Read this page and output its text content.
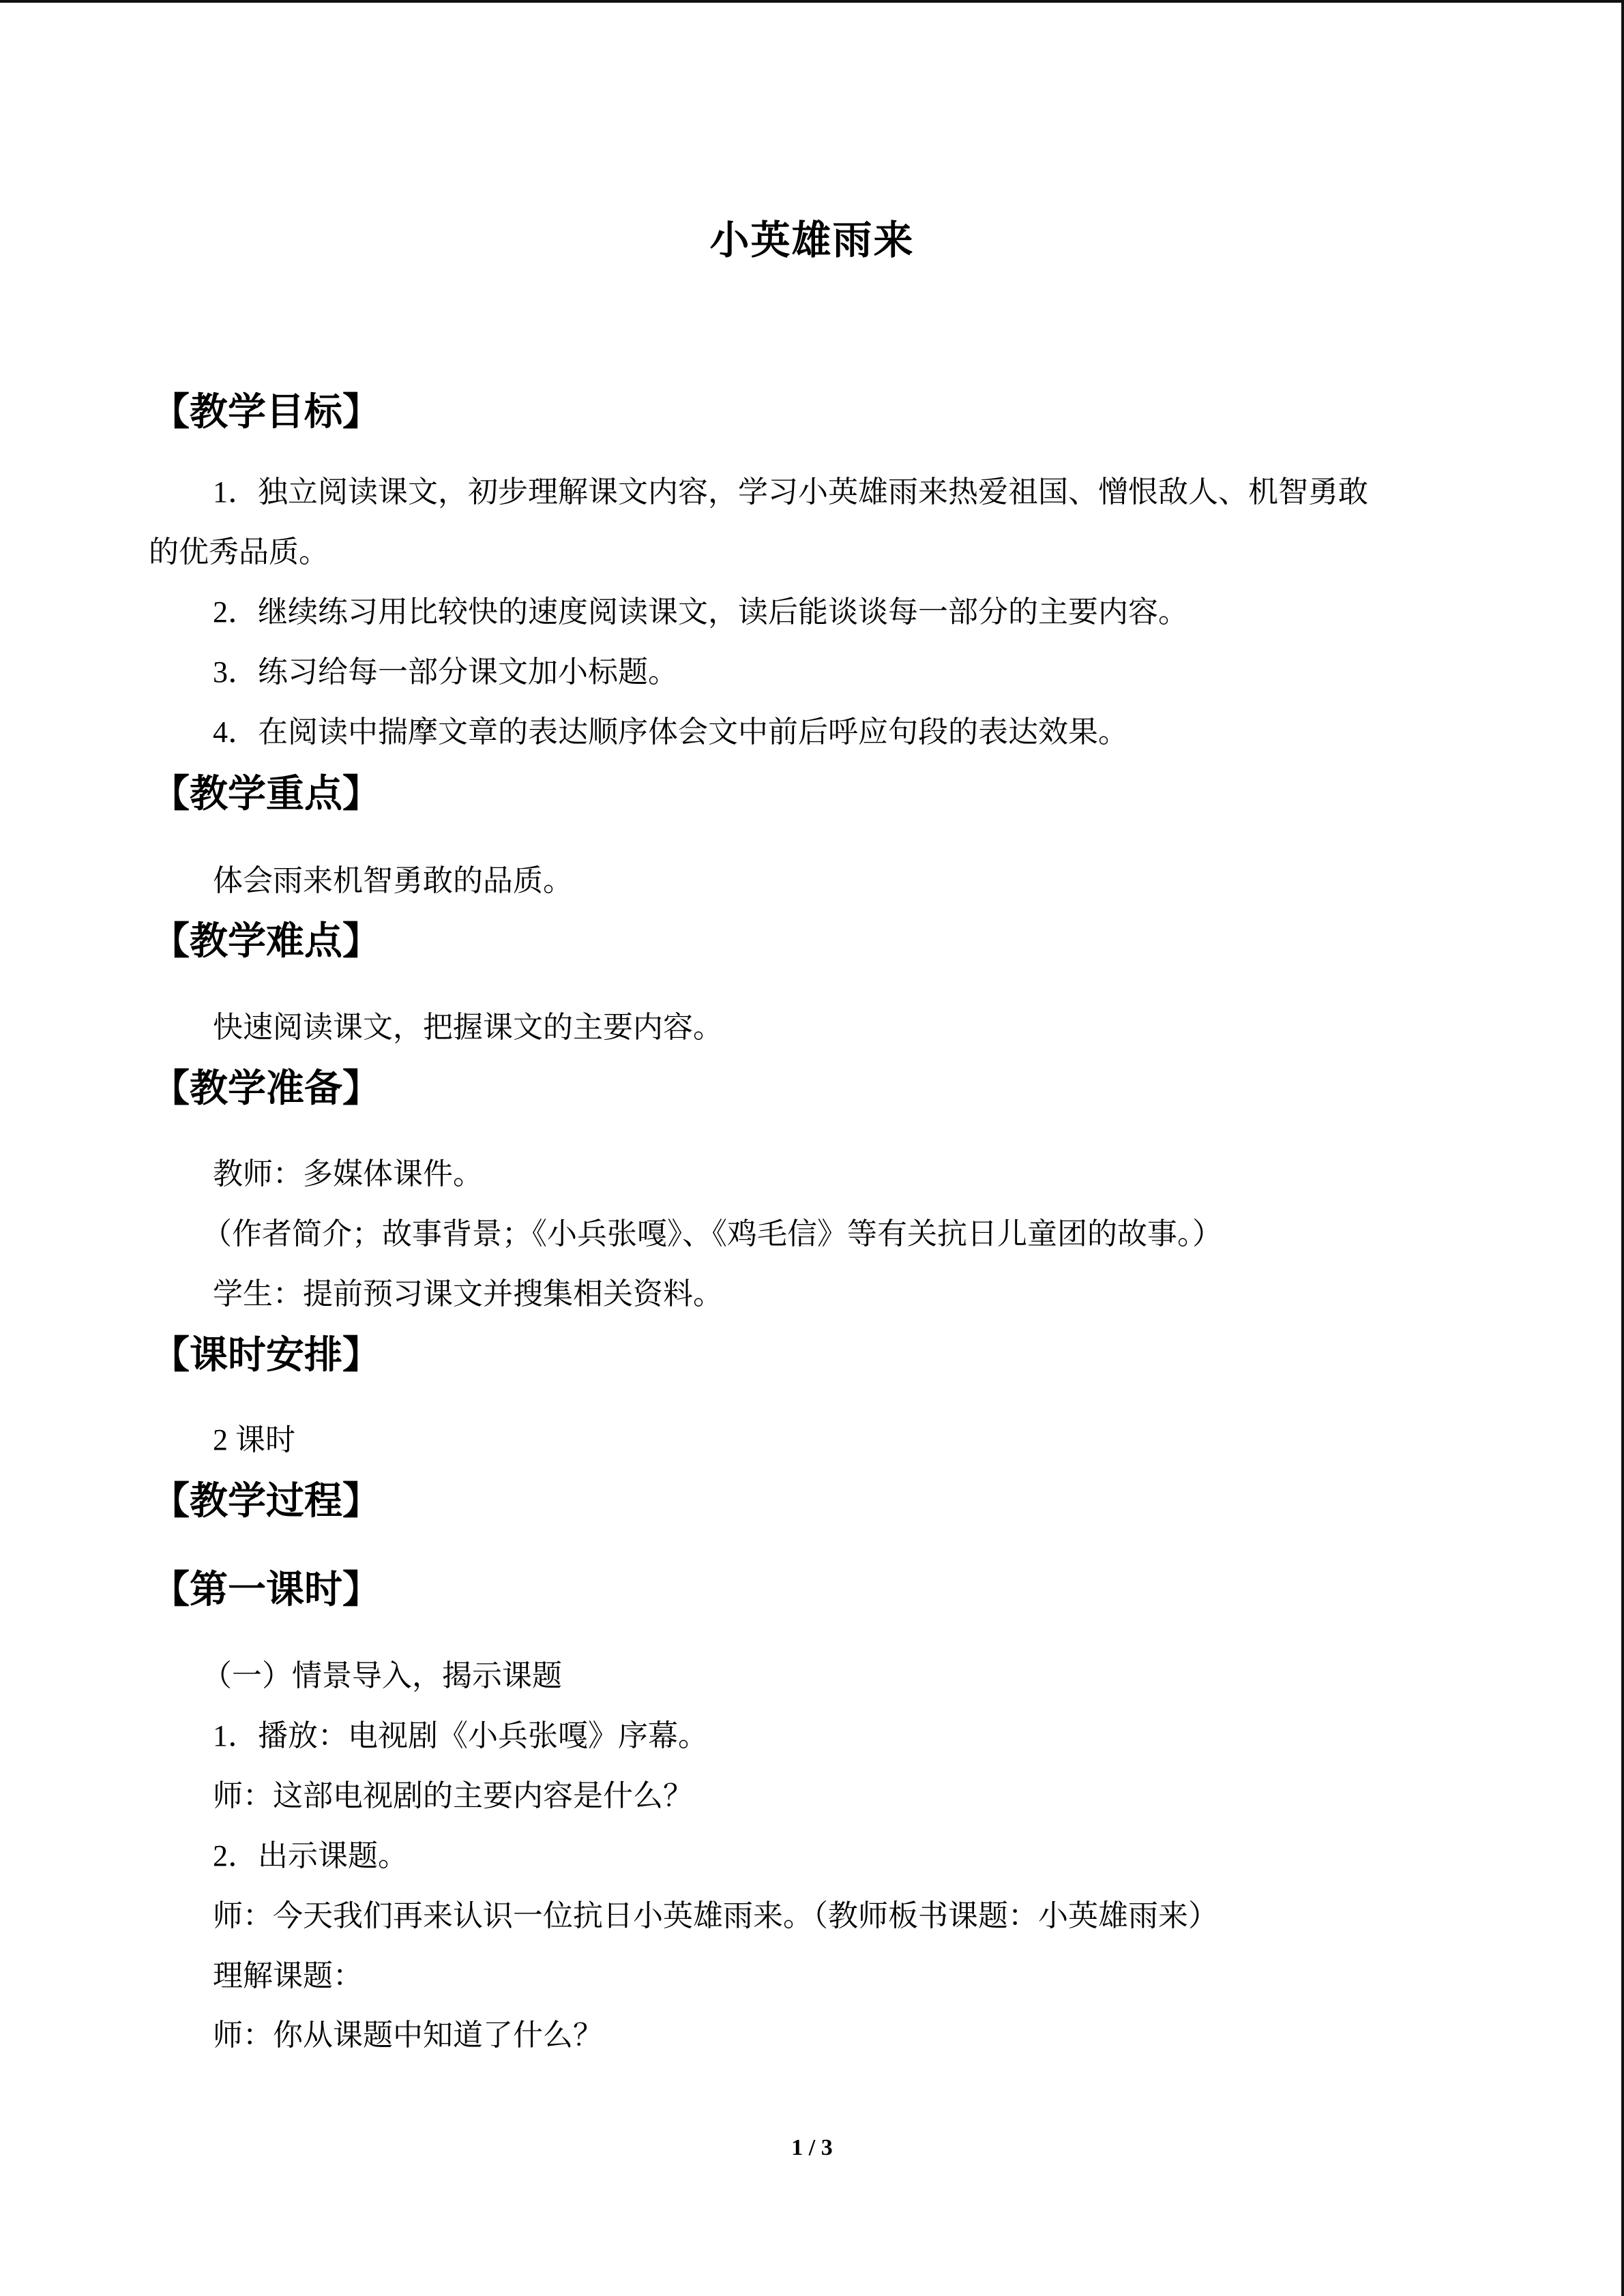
小英雄雨来
【教学目标】
1．独立阅读课文，初步理解课文内容，学习小英雄雨来热爱祖国、憎恨敌人、机智勇敢
的优秀品质。
2．继续练习用比较快的速度阅读课文，读后能谈谈每一部分的主要内容。
3．练习给每一部分课文加小标题。
4．在阅读中揣摩文章的表达顺序体会文中前后呼应句段的表达效果。
【教学重点】
体会雨来机智勇敢的品质。
【教学难点】
快速阅读课文，把握课文的主要内容。
【教学准备】
教师：多媒体课件。
（作者简介；故事背景；《小兵张嘎》、《鸡毛信》等有关抗日儿童团的故事。）
学生：提前预习课文并搜集相关资料。
【课时安排】
2 课时
【教学过程】
【第一课时】
（一）情景导入，揭示课题
1．播放：电视剧《小兵张嘎》序幕。
师：这部电视剧的主要内容是什么？
2．出示课题。
师：今天我们再来认识一位抗日小英雄雨来。（教师板书课题：小英雄雨来）
理解课题：
师：你从课题中知道了什么？
1 / 3
